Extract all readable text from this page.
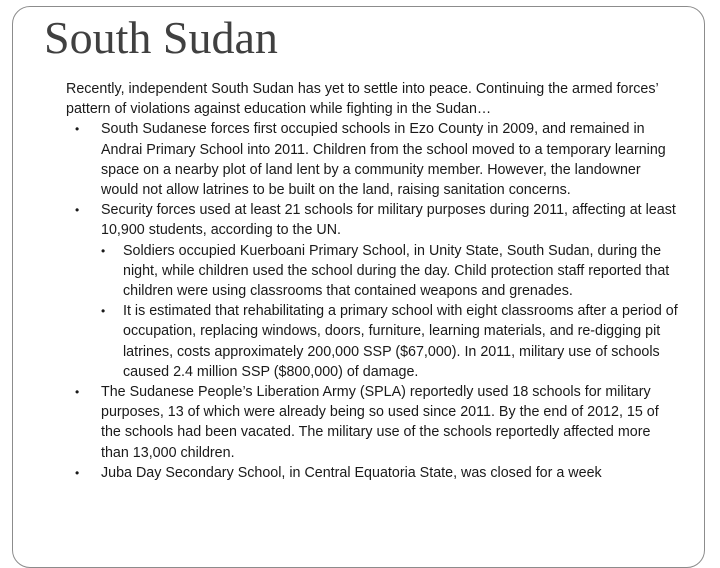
South Sudan

Recently, independent South Sudan has yet to settle into peace. Continuing the armed forces’ pattern of violations against education while fighting in the Sudan…

• South Sudanese forces first occupied schools in Ezo County in 2009, and remained in Andrai Primary School into 2011. Children from the school moved to a temporary learning space on a nearby plot of land lent by a community member. However, the landowner would not allow latrines to be built on the land, raising sanitation concerns.
• Security forces used at least 21 schools for military purposes during 2011, affecting at least 10,900 students, according to the UN.
• Soldiers occupied Kuerboani Primary School, in Unity State, South Sudan, during the night, while children used the school during the day. Child protection staff reported that children were using classrooms that contained weapons and grenades.
• It is estimated that rehabilitating a primary school with eight classrooms after a period of occupation, replacing windows, doors, furniture, learning materials, and re-digging pit latrines, costs approximately 200,000 SSP ($67,000). In 2011, military use of schools caused 2.4 million SSP ($800,000) of damage.
• The Sudanese People’s Liberation Army (SPLA) reportedly used 18 schools for military purposes, 13 of which were already being so used since 2011. By the end of 2012, 15 of the schools had been vacated. The military use of the schools reportedly affected more than 13,000 children.
• Juba Day Secondary School, in Central Equatoria State, was closed for a week
